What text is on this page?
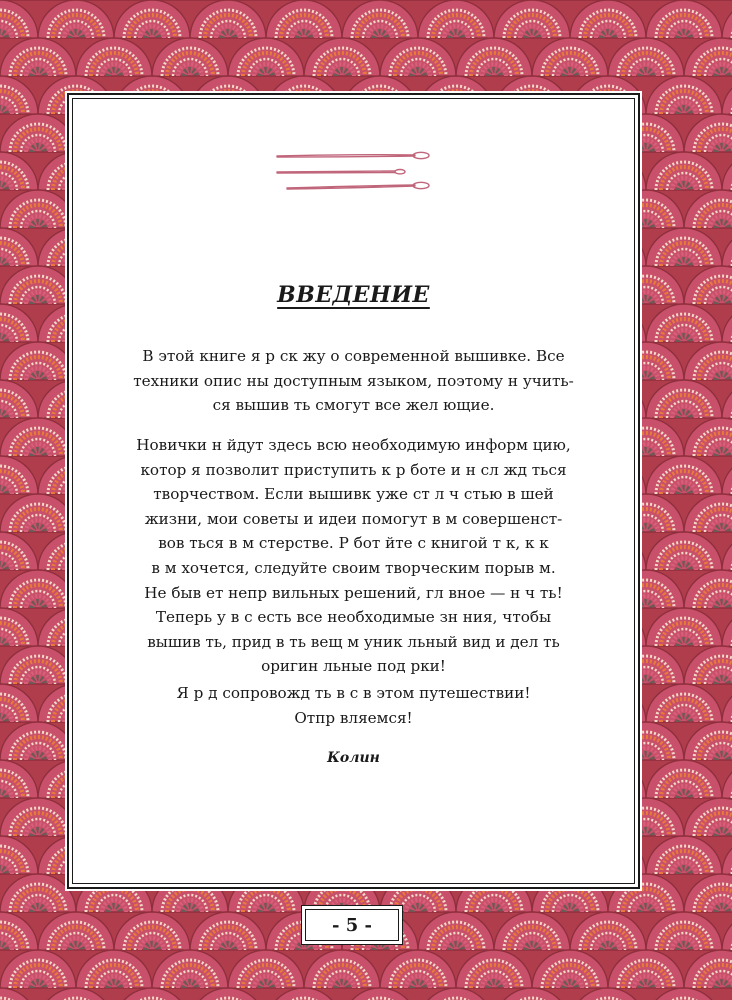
ВВЕДЕНИЕ
В этой книге я р ск жу о современной вышивке. Все
техники опис ны доступным языком, поэтому н учить-
ся вышив ть смогут все жел ющие.
Новички н йдут здесь всю необходимую информ цию,
котор я позволит приступить к р боте и н сл жд ться
творчеством. Если вышивк уже ст л ч стью в шей
жизни, мои советы и идеи помогут в м совершенст-
вов ться в м стерстве. Р бот йте с книгой т к, к к
в м хочется, следуйте своим творческим порыв м.
Не быв ет непр вильных решений, гл вное — н ч ть!
Теперь у в с есть все необходимые зн ния, чтобы
вышив ть, прид в ть вещ м уник льный вид и дел ть
оригин льные под рки!
Я р д сопровожд ть в с в этом путешествии!
Отпр вляемся!
Колин
- 5 -
